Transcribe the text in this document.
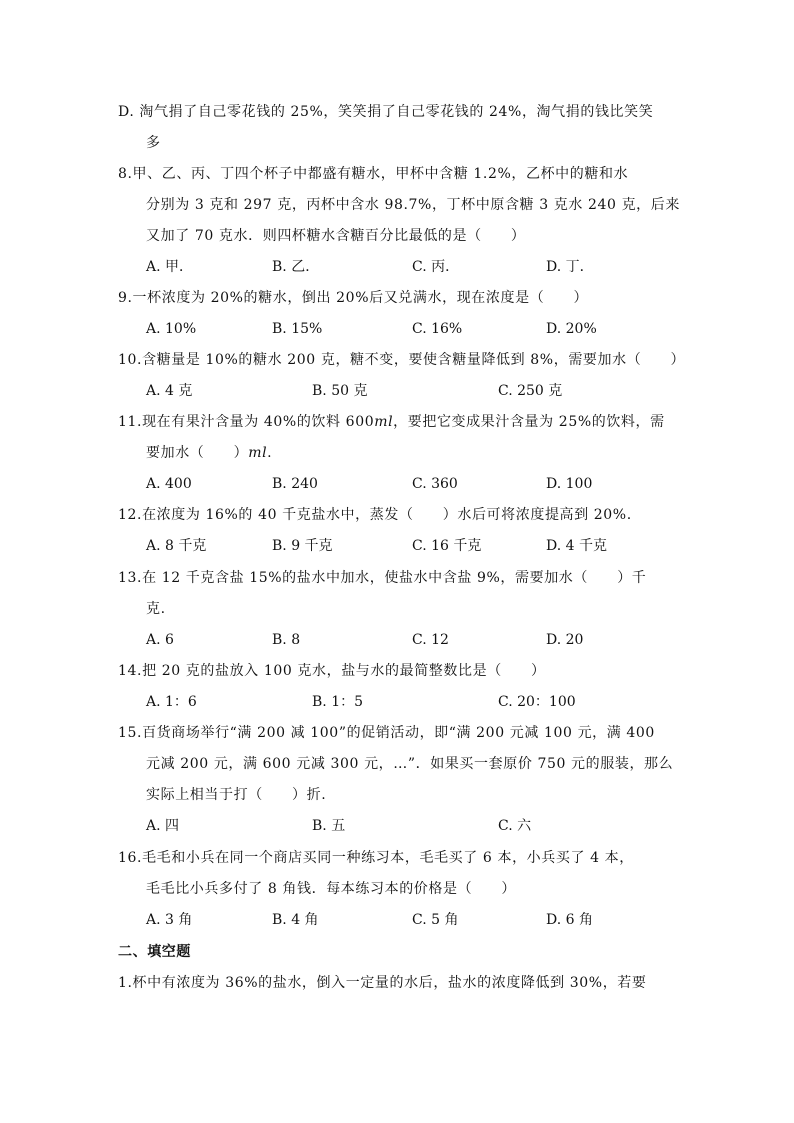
D. 淘气捐了自己零花钱的 25%，笑笑捐了自己零花钱的 24%，淘气捐的钱比笑笑
多
8.甲、乙、丙、丁四个杯子中都盛有糖水，甲杯中含糖 1.2%，乙杯中的糖和水
分别为 3 克和 297 克，丙杯中含水 98.7%，丁杯中原含糖 3 克水 240 克，后来
又加了 70 克水．则四杯糖水含糖百分比最低的是（　　）
A. 甲．	B. 乙．	C. 丙．	D. 丁．
9.一杯浓度为 20%的糖水，倒出 20%后又兑满水，现在浓度是（　　）
A. 10%	B. 15%	C. 16%	D. 20%
10.含糖量是 10%的糖水 200 克，糖不变，要使含糖量降低到 8%，需要加水（　　）
A. 4 克	B. 50 克	C. 250 克
11.现在有果汁含量为 40%的饮料 600ml，要把它变成果汁含量为 25%的饮料，需
要加水（　　）ml.
A. 400	B. 240	C. 360	D. 100
12.在浓度为 16%的 40 千克盐水中，蒸发（　　）水后可将浓度提高到 20%.
A. 8 千克	B. 9 千克	C. 16 千克	D. 4 千克
13.在 12 千克含盐 15%的盐水中加水，使盐水中含盐 9%，需要加水（　　）千
克.
A. 6	B. 8	C. 12	D. 20
14.把 20 克的盐放入 100 克水，盐与水的最简整数比是（　　）
A. 1：6	B. 1：5	C. 20：100
15.百货商场举行“满 200 减 100”的促销活动，即“满 200 元减 100 元，满 400
元减 200 元，满 600 元减 300 元，…”．如果买一套原价 750 元的服装，那么
实际上相当于打（　　）折.
A. 四	B. 五	C. 六
16.毛毛和小兵在同一个商店买同一种练习本，毛毛买了 6 本，小兵买了 4 本，
毛毛比小兵多付了 8 角钱．每本练习本的价格是（　　）
A. 3 角	B. 4 角	C. 5 角	D. 6 角
二、填空题
1.杯中有浓度为 36%的盐水，倒入一定量的水后，盐水的浓度降低到 30%，若要
